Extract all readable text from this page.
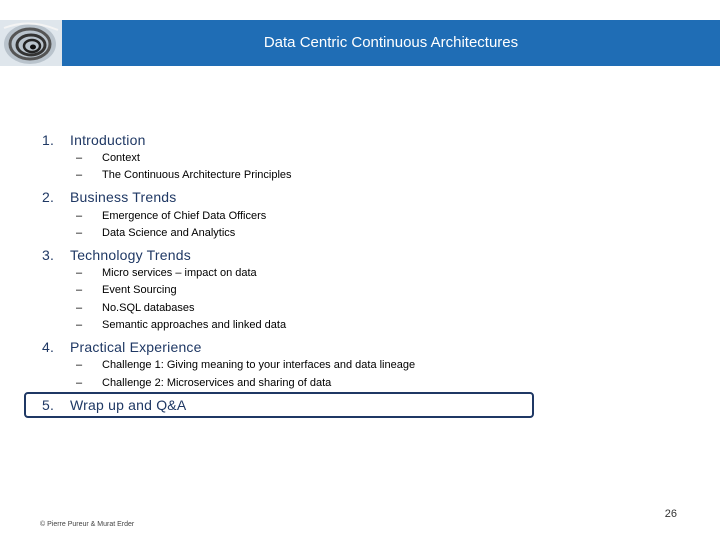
Data Centric Continuous Architectures
1. Introduction
– Context
– The Continuous Architecture Principles
2. Business Trends
– Emergence of Chief Data Officers
– Data Science and Analytics
3. Technology Trends
– Micro services – impact on data
– Event Sourcing
– No.SQL databases
– Semantic approaches and linked data
4. Practical Experience
– Challenge 1: Giving meaning to your interfaces and data lineage
– Challenge 2: Microservices and sharing of data
5. Wrap up and Q&A
26
© Pierre Pureur & Murat Erder
